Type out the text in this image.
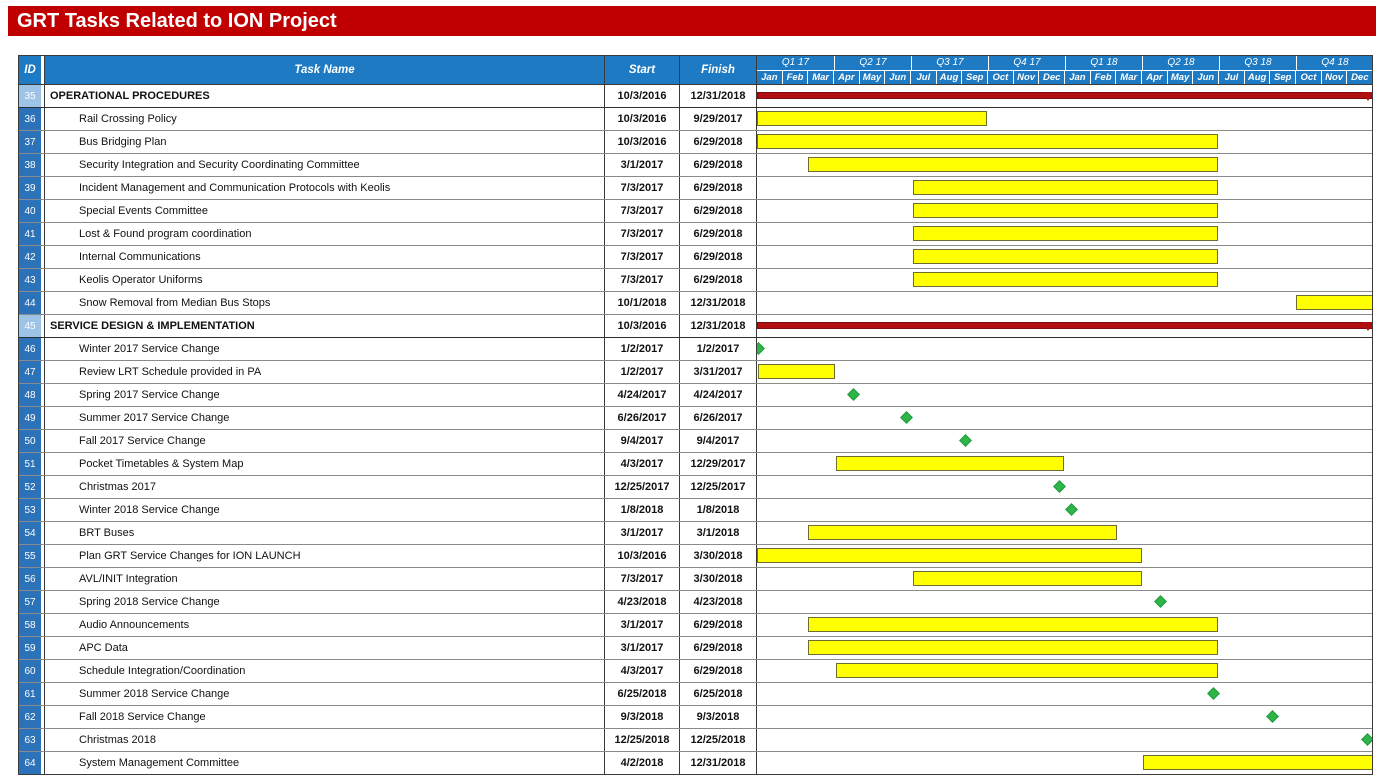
GRT Tasks Related to ION Project
ID	Task Name	Start	Finish
Q1 17	Q2 17	Q3 17	Q4 17	Q1 18	Q2 18	Q3 18	Q4 18
Jan Feb Mar Apr May Jun	Jul	Aug Sep Oct Nov Dec Jan Feb Mar Apr May Jun	Jul	Aug Sep Oct Nov Dec
35	OPERATIONAL PROCEDURES	10/3/2016	12/31/2018
36	Rail Crossing Policy	10/3/2016	9/29/2017
37	Bus Bridging Plan	10/3/2016	6/29/2018
38	Security Integration and Security Coordinating Committee	3/1/2017	6/29/2018
39	Incident Management and Communication Protocols with Keolis	7/3/2017	6/29/2018
40	Special Events Committee	7/3/2017	6/29/2018
41	Lost & Found program coordination	7/3/2017	6/29/2018
42	Internal Communications	7/3/2017	6/29/2018
43	Keolis Operator Uniforms	7/3/2017	6/29/2018
44	Snow Removal from Median Bus Stops	10/1/2018	12/31/2018
45	SERVICE DESIGN & IMPLEMENTATION	10/3/2016	12/31/2018
46	Winter 2017 Service Change	1/2/2017	1/2/2017
47	Review LRT Schedule provided in PA	1/2/2017	3/31/2017
48	Spring 2017 Service Change	4/24/2017	4/24/2017
49	Summer 2017 Service Change	6/26/2017	6/26/2017
50	Fall 2017 Service Change	9/4/2017	9/4/2017
51	Pocket Timetables & System Map	4/3/2017	12/29/2017
52	Christmas 2017	12/25/2017	12/25/2017
53	Winter 2018 Service Change	1/8/2018	1/8/2018
54	BRT Buses	3/1/2017	3/1/2018
55	Plan GRT Service Changes for ION LAUNCH	10/3/2016	3/30/2018
56	AVL/INIT Integration	7/3/2017	3/30/2018
57	Spring 2018 Service Change	4/23/2018	4/23/2018
58	Audio Announcements	3/1/2017	6/29/2018
59	APC Data	3/1/2017	6/29/2018
60	Schedule Integration/Coordination	4/3/2017	6/29/2018
61	Summer 2018 Service Change	6/25/2018	6/25/2018
62	Fall 2018 Service Change	9/3/2018	9/3/2018
63	Christmas 2018	12/25/2018	12/25/2018
64	System Management Committee	4/2/2018	12/31/2018
